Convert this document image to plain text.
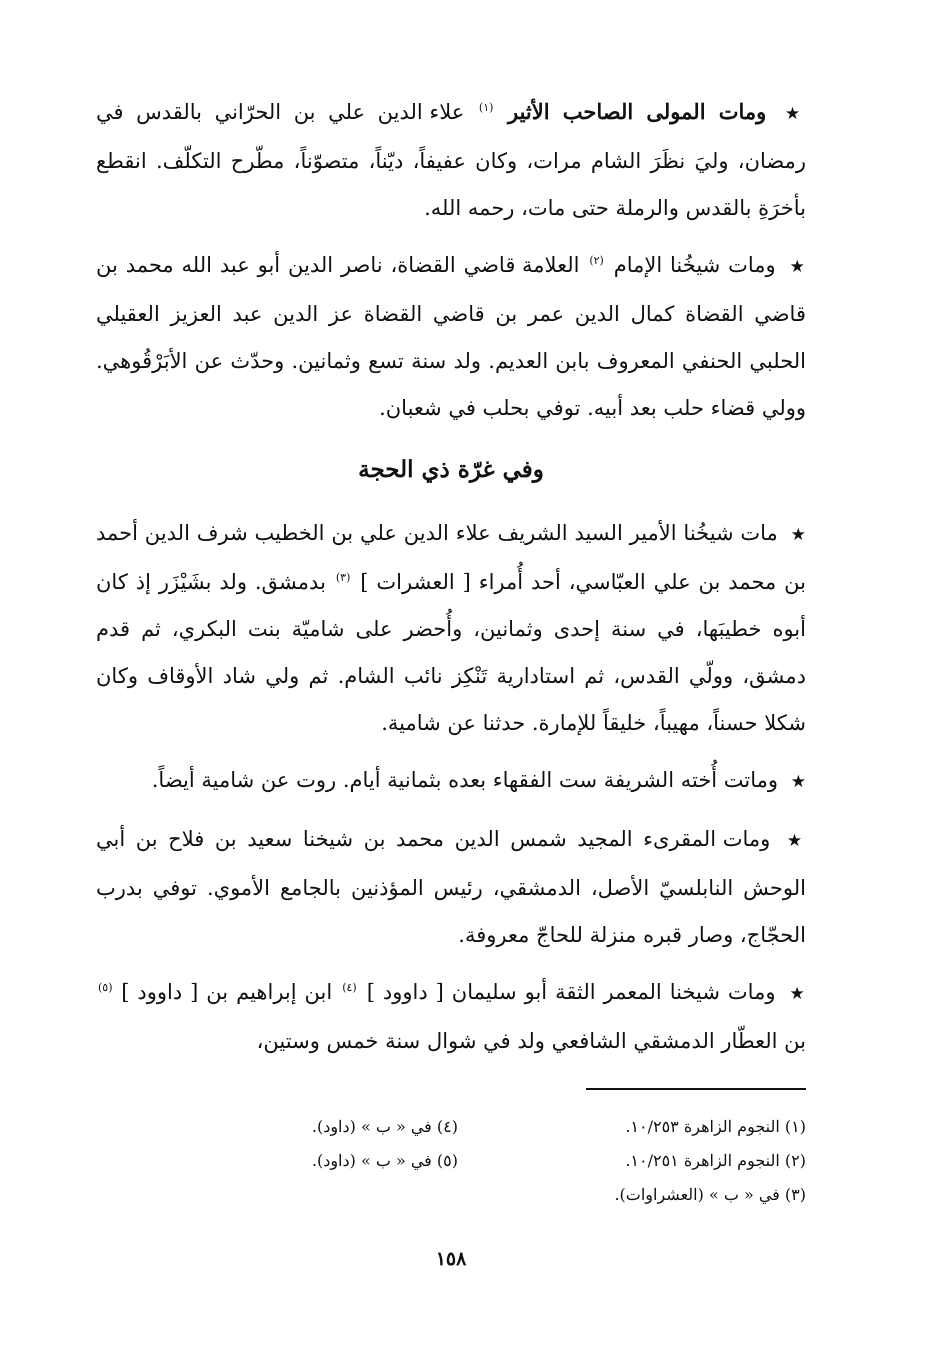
★ ومات المولى الصاحب الأثير $^{(١)}$ علاء الدين علي بن الحرّاني بالقدس في رمضان، وليَ نظَرَ الشام مرات، وكان عفيفاً، ديّناً، متصوّناً، مطّرح التكلّف. انقطع بأخرَةِ بالقدس والرملة حتى مات، رحمه الله.

★ ومات شيخُنا الإمام $^{(٢)}$ العلامة قاضي القضاة، ناصر الدين أبو عبد الله محمد بن قاضي القضاة كمال الدين عمر بن قاضي القضاة عز الدين عبد العزيز العقيلي الحلبي الحنفي المعروف بابن العديم. ولد سنة تسع وثمانين. وحدّث عن الأبَرْقُوهي. وولي قضاء حلب بعد أبيه. توفي بحلب في شعبان.

وفي غرّة ذي الحجة

★ مات شيخُنا الأمير السيد الشريف علاء الدين علي بن الخطيب شرف الدين أحمد بن محمد بن علي العبّاسي، أحد أُمراء [ العشرات ] $^{(٣)}$ بدمشق. ولد بشَيْزَر إذ كان أبوه خطيبَها، في سنة إحدى وثمانين، وأُحضر على شاميّة بنت البكري، ثم قدم دمشق، وولّي القدس، ثم استادارية تَنْكِز نائب الشام. ثم ولي شاد الأوقاف وكان شكلا حسناً، مهيباً، خليقاً للإمارة. حدثنا عن شامية.

★ وماتت أُخته الشريفة ست الفقهاء بعده بثمانية أيام. روت عن شامية أيضاً.

★ ومات المقرىء المجيد شمس الدين محمد بن شيخنا سعيد بن فلاح بن أبي الوحش النابلسيّ الأصل، الدمشقي، رئيس المؤذنين بالجامع الأموي. توفي بدرب الحجّاج، وصار قبره منزلة للحاجّ معروفة.

★ ومات شيخنا المعمر الثقة أبو سليمان [ داوود ] $^{(٤)}$ ابن إبراهيم بن [ داوود ] $^{(٥)}$ بن العطّار الدمشقي الشافعي ولد في شوال سنة خمس وستين،

(١) النجوم الزاهرة ١٠/٢٥٣.
(٢) النجوم الزاهرة ١٠/٢٥١.
(٣) في « ب » (العشراوات).
(٤) في « ب » (داود).
(٥) في « ب » (داود).
١٥٨
